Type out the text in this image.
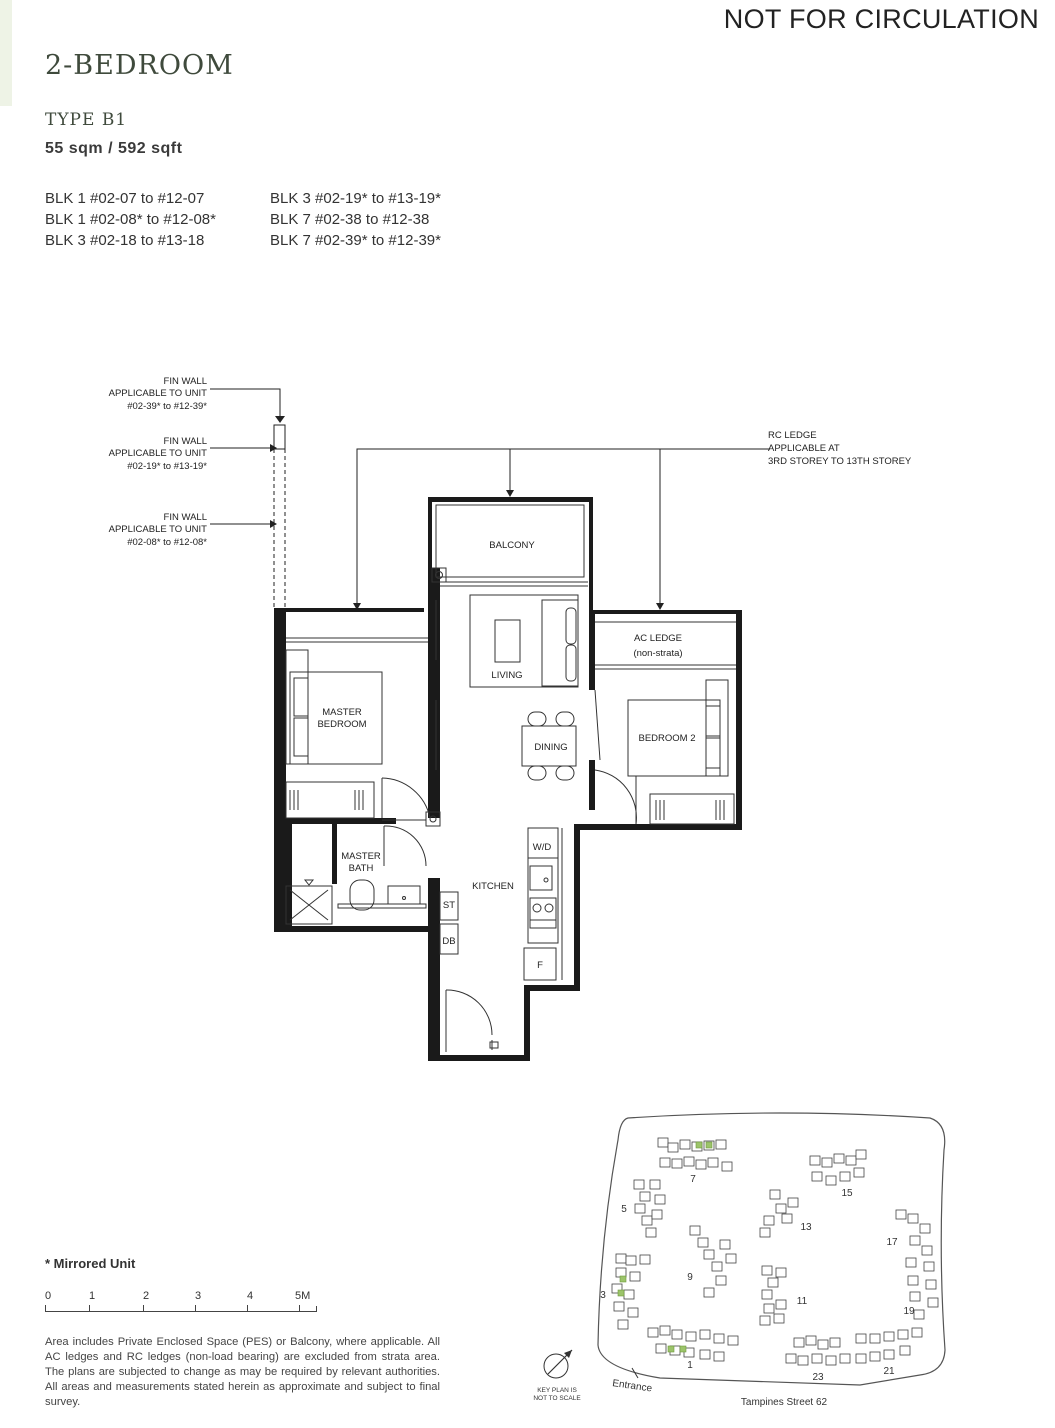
NOT FOR CIRCULATION
2-BEDROOM
TYPE B1
55 sqm / 592 sqft
BLK 1 #02-07 to #12-07
BLK 1 #02-08* to #12-08*
BLK 3 #02-18 to #13-18
BLK 3 #02-19* to #13-19*
BLK 7 #02-38 to #12-38
BLK 7 #02-39* to #12-39*
FIN WALL
APPLICABLE TO UNIT
#02-39* to #12-39*
FIN WALL
APPLICABLE TO UNIT
#02-19* to #13-19*
FIN WALL
APPLICABLE TO UNIT
#02-08* to #12-08*
RC LEDGE
APPLICABLE AT
3RD STOREY TO 13TH STOREY
BALCONY
LIVING
AC LEDGE
(non-strata)
MASTER
BEDROOM
DINING
BEDROOM 2
MASTER
BATH
KITCHEN
W/D
ST
DB
F
7
5
3
9
1
13
15
11
17
19
21
23
Entrance
Tampines Street 62
KEY PLAN IS
NOT TO SCALE
* Mirrored Unit
0	1	2	3	4	5M
Area includes Private Enclosed Space (PES) or Balcony, where applicable. All AC ledges and RC ledges (non-load bearing) are excluded from strata area. The plans are subjected to change as may be required by relevant authorities. All areas and measurements stated herein as approximate and subject to final survey.
